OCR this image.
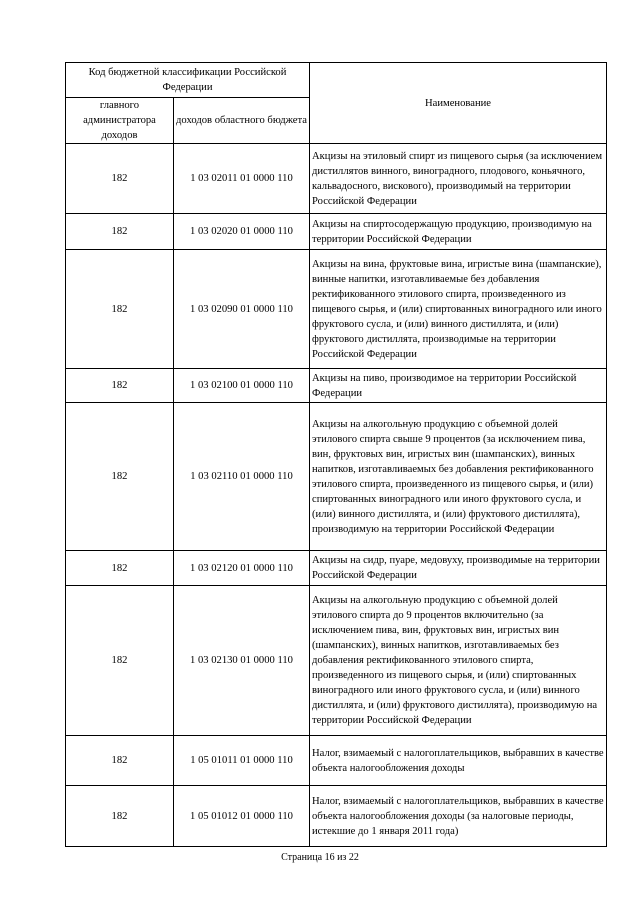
Код бюджетной классификации Российской Федерации		Наименование
главного администратора доходов	доходов областного бюджета	
182	1 03 02011 01 0000 110	Акцизы на этиловый спирт из пищевого сырья (за исключением дистиллятов винного, виноградного, плодового, коньячного, кальвадосного, вискового), производимый на территории Российской Федерации
182	1 03 02020 01 0000 110	Акцизы на спиртосодержащую продукцию, производимую на территории Российской Федерации
182	1 03 02090 01 0000 110	Акцизы на вина, фруктовые вина, игристые вина (шампанские), винные напитки, изготавливаемые без добавления ректификованного этилового спирта, произведенного из пищевого сырья, и (или) спиртованных виноградного или иного фруктового сусла, и (или) винного дистиллята, и (или) фруктового дистиллята, производимые на территории Российской Федерации
182	1 03 02100 01 0000 110	Акцизы на пиво, производимое на территории Российской Федерации
182	1 03 02110 01 0000 110	Акцизы на алкогольную продукцию с объемной долей этилового спирта свыше 9 процентов (за исключением пива, вин, фруктовых вин, игристых вин (шампанских), винных напитков, изготавливаемых без добавления ректификованного этилового спирта, произведенного из пищевого сырья, и (или) спиртованных виноградного или иного фруктового сусла, и (или) винного дистиллята, и (или) фруктового дистиллята), производимую на территории Российской Федерации
182	1 03 02120 01 0000 110	Акцизы на сидр, пуаре, медовуху, производимые на территории Российской Федерации
182	1 03 02130 01 0000 110	Акцизы на алкогольную продукцию с объемной долей этилового спирта до 9 процентов включительно (за исключением пива, вин, фруктовых вин, игристых вин (шампанских), винных напитков, изготавливаемых без добавления ректификованного этилового спирта, произведенного из пищевого сырья, и (или) спиртованных виноградного или иного фруктового сусла, и (или) винного дистиллята, и (или) фруктового дистиллята), производимую на территории Российской Федерации
182	1 05 01011 01 0000 110	Налог, взимаемый с налогоплательщиков, выбравших в качестве объекта налогообложения доходы
182	1 05 01012 01 0000 110	Налог, взимаемый с налогоплательщиков, выбравших в качестве объекта налогообложения доходы (за налоговые периоды, истекшие до 1 января 2011 года)
Страница 16 из 22
